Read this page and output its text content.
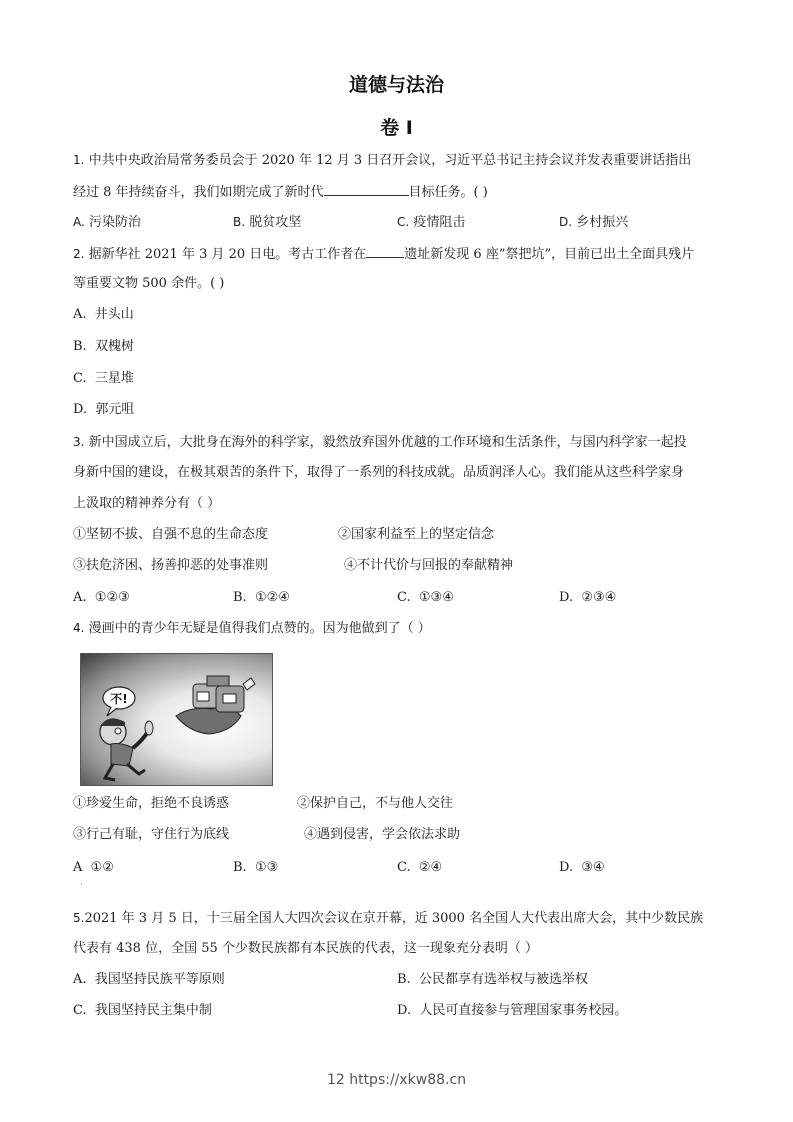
道德与法治
卷 I
1. 中共中央政治局常务委员会于 2020 年 12 月 3 日召开会议，习近平总书记主持会议并发表重要讲话指出
经过 8 年持续奋斗，我们如期完成了新时代	目标任务。( )
A. 污染防治	B. 脱贫攻坚	C. 疫情阻击	D. 乡村振兴
2. 据新华社 2021 年 3 月 20 日电。考古工作者在	遗址新发现 6 座”祭把坑”，目前已出土全面具残片
等重要文物 500 余件。( )
A. 井头山
B. 双槐树
C. 三星堆
D. 郭元咀
3. 新中国成立后，大批身在海外的科学家，毅然放弃国外优越的工作环境和生活条件，与国内科学家一起投
身新中国的建设，在极其艰苦的条件下，取得了一系列的科技成就。品质润泽人心。我们能从这些科学家身
上汲取的精神养分有（ ）
①坚韧不拔、自强不息的生命态度	②国家利益至上的坚定信念
③扶危济困、扬善抑恶的处事准则	④不计代价与回报的奉献精神
A. ①②③	B. ①②④	C. ①③④	D. ②③④
4. 漫画中的青少年无疑是值得我们点赞的。因为他做到了（ ）
不!
①珍爱生命，拒绝不良诱惑	②保护自己，不与他人交往
③行己有耻，守住行为底线	④遇到侵害，学会依法求助
A ①②	B. ①③	C. ②④	D. ③④
·
5.2021 年 3 月 5 日，十三届全国人大四次会议在京开幕，近 3000 名全国人大代表出席大会，其中少数民族
代表有 438 位，全国 55 个少数民族都有本民族的代表，这一现象充分表明（ ）
A. 我国坚持民族平等原则	B. 公民都享有选举权与被选举权
C. 我国坚持民主集中制	D. 人民可直接参与管理国家事务校园。
12 https://xkw88.cn
